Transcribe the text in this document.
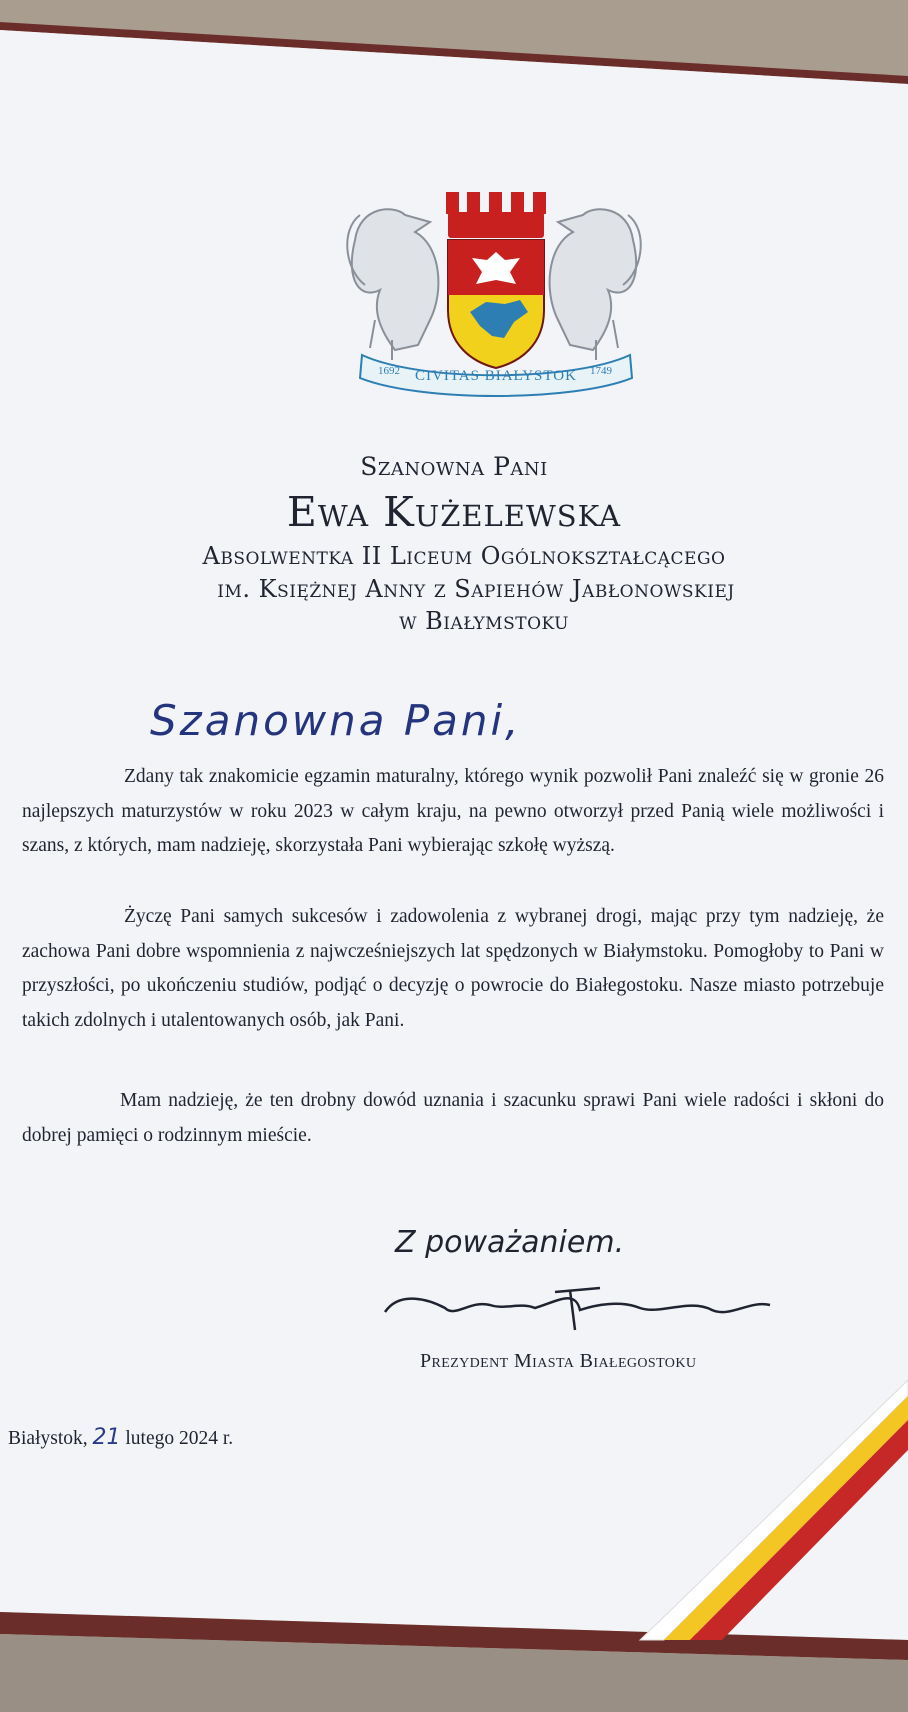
CIVITAS BIALYSTOK
1692	1749
Szanowna Pani,
Z poważaniem.
Szanowna Pani
Ewa Kużelewska
Absolwentka II Liceum Ogólnokształcącego
im. Księżnej Anny z Sapiehów Jabłonowskiej
w Białymstoku
Zdany tak znakomicie egzamin maturalny, którego wynik pozwolił Pani znaleźć się w gronie 26 najlepszych maturzystów w roku 2023 w całym kraju, na pewno otworzył przed Panią wiele możliwości i szans, z których, mam nadzieję, skorzystała Pani wybierając szkołę wyższą.
Życzę Pani samych sukcesów i zadowolenia z wybranej drogi, mając przy tym nadzieję, że zachowa Pani dobre wspomnienia z najwcześniejszych lat spędzonych w Białymstoku. Pomogłoby to Pani w przyszłości, po ukończeniu studiów, podjąć o decyzję o powrocie do Białegostoku. Nasze miasto potrzebuje takich zdolnych i utalentowanych osób, jak Pani.
Mam nadzieję, że ten drobny dowód uznania i szacunku sprawi Pani wiele radości i skłoni do dobrej pamięci o rodzinnym mieście.
Prezydent Miasta Białegostoku
Białystok, 21 lutego 2024 r.
